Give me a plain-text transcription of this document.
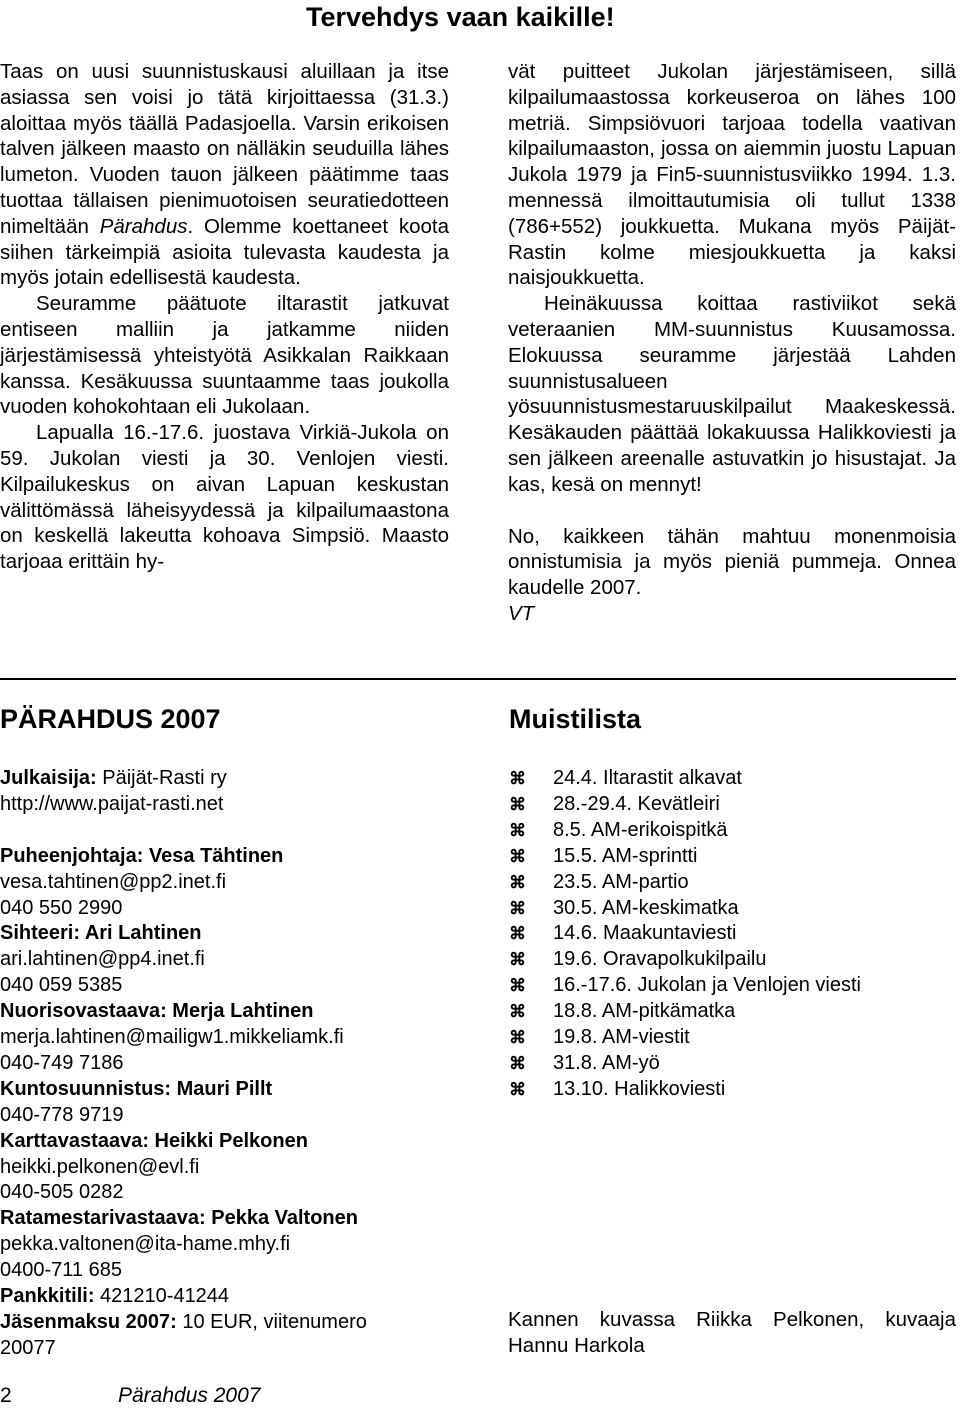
Tervehdys vaan kaikille!

Taas on uusi suunnistuskausi aluillaan ja itse asiassa sen voisi jo tätä kirjoittaessa (31.3.) aloittaa myös täällä Padasjoella. Varsin erikoisen talven jälkeen maasto on nälläkin seuduilla lähes lumeton. Vuoden tauon jälkeen päätimme taas tuottaa tällaisen pienimuotoisen seuratiedotteen nimeltään Pärahdus. Olemme koettaneet koota siihen tärkeimpiä asioita tulevasta kaudesta ja myös jotain edellisestä kaudesta.

Seuramme päätuote iltarastit jatkuvat entiseen malliin ja jatkamme niiden järjestämisessä yhteistyötä Asikkalan Raikkaan kanssa. Kesäkuussa suuntaamme taas joukolla vuoden kohokohtaan eli Jukolaan.

Lapualla 16.-17.6. juostava Virkiä-Jukola on 59. Jukolan viesti ja 30. Venlojen viesti. Kilpailukeskus on aivan Lapuan keskustan välittömässä läheisyydessä ja kilpailumaastona on keskellä lakeutta kohoava Simpsiö. Maasto tarjoaa erittäin hy-

vät puitteet Jukolan järjestämiseen, sillä kilpailumaastossa korkeuseroa on lähes 100 metriä. Simpsiövuori tarjoaa todella vaativan kilpailumaaston, jossa on aiemmin juostu Lapuan Jukola 1979 ja Fin5-suunnistusviikko 1994. 1.3. mennessä ilmoittautumisia oli tullut 1338 (786+552) joukkuetta. Mukana myös Päijät-Rastin kolme miesjoukkuetta ja kaksi naisjoukkuetta.

Heinäkuussa koittaa rastiviikot sekä veteraanien MM-suunnistus Kuusamossa. Elokuussa seuramme järjestää Lahden suunnistusalueen yösuunnistusmestaruuskilpailut Maakeskessä. Kesäkauden päättää lokakuussa Halikkoviesti ja sen jälkeen areenalle astuvatkin jo hisustajat. Ja kas, kesä on mennyt!

No, kaikkeen tähän mahtuu monenmoisia onnistumisia ja myös pieniä pummeja. Onnea kaudelle 2007.

VT

PÄRAHDUS 2007
Julkaisija: Päijät-Rasti ry
http://www.paijat-rasti.net
Puheenjohtaja: Vesa Tähtinen
vesa.tahtinen@pp2.inet.fi
040 550 2990
Sihteeri: Ari Lahtinen
ari.lahtinen@pp4.inet.fi
040 059 5385
Nuorisovastaava: Merja Lahtinen
merja.lahtinen@mailigw1.mikkeliamk.fi
040-749 7186
Kuntosuunnistus: Mauri Pillt
040-778 9719
Karttavastaava: Heikki Pelkonen
heikki.pelkonen@evl.fi
040-505 0282
Ratamestarivastaava: Pekka Valtonen
pekka.valtonen@ita-hame.mhy.fi
0400-711 685
Pankkitili: 421210-41244
Jäsenmaksu 2007: 10 EUR, viitenumero
20077
Muistilista
⌘	24.4. Iltarastit alkavat
⌘	28.-29.4. Kevätleiri
⌘	8.5. AM-erikoispitkä
⌘	15.5. AM-sprintti
⌘	23.5. AM-partio
⌘	30.5. AM-keskimatka
⌘	14.6. Maakuntaviesti
⌘	19.6. Oravapolkukilpailu
⌘	16.-17.6. Jukolan ja Venlojen viesti
⌘	18.8. AM-pitkämatka
⌘	19.8. AM-viestit
⌘	31.8. AM-yö
⌘	13.10. Halikkoviesti
Kannen kuvassa Riikka Pelkonen, kuvaaja Hannu Harkola
2	Pärahdus 2007
